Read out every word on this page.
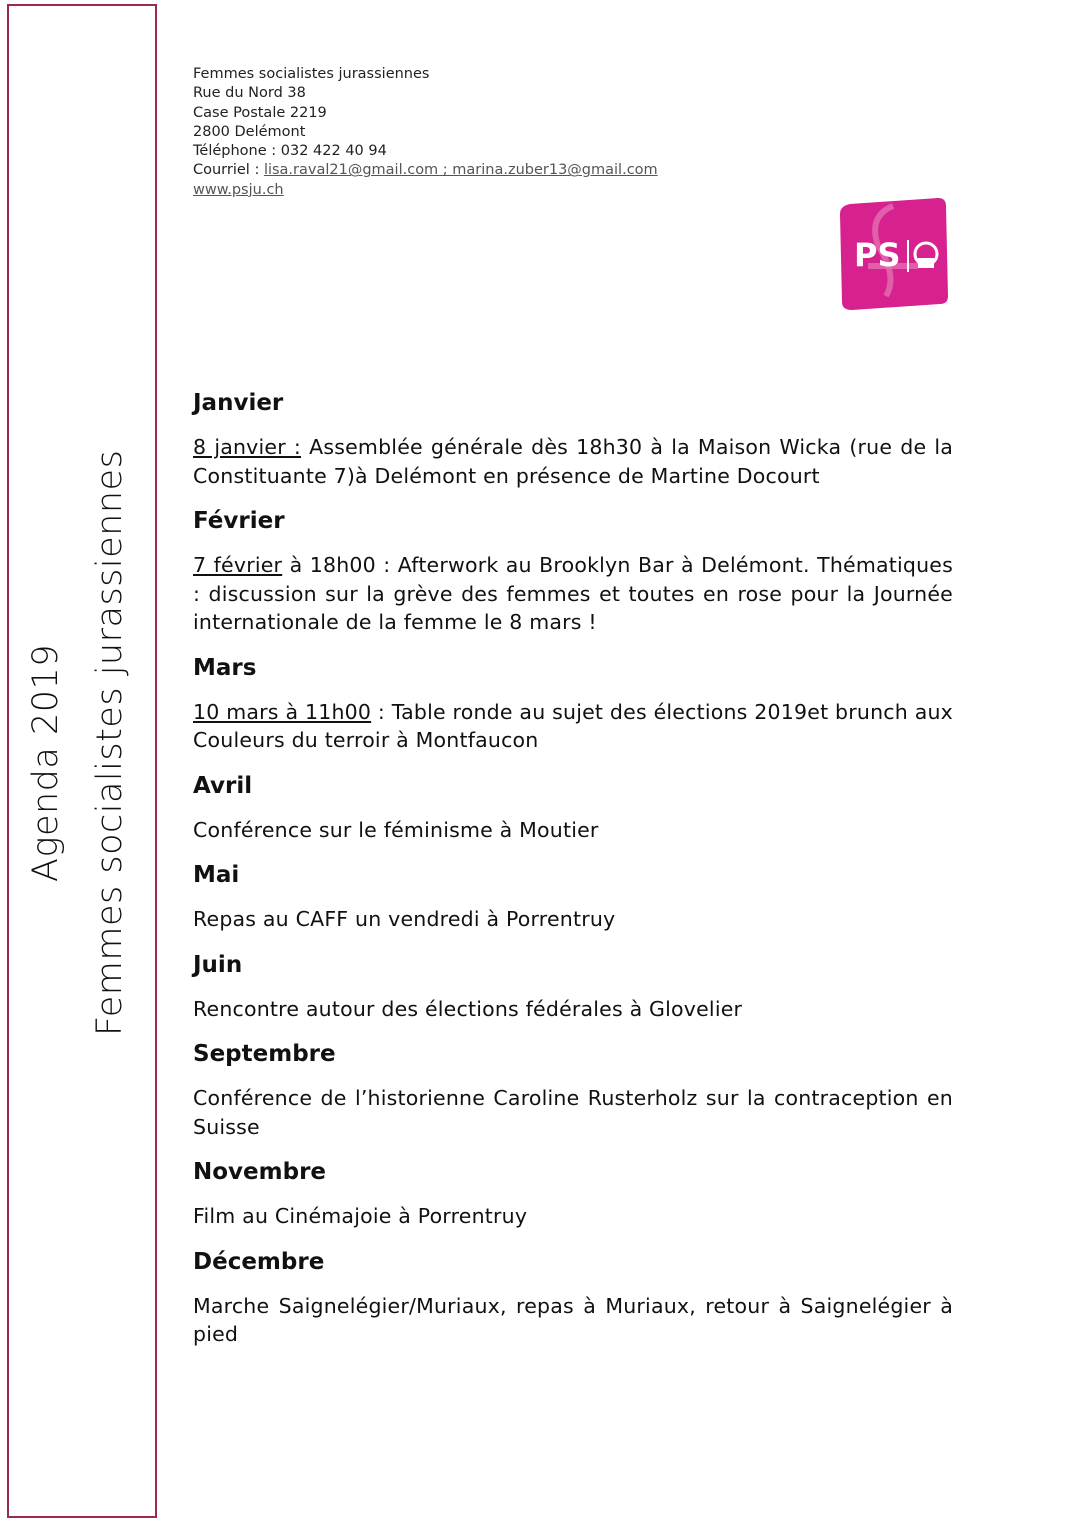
Agenda 2019 Femmes socialistes jurassiennes
Femmes socialistes jurassiennes
Rue du Nord 38
Case Postale 2219
2800 Delémont
Téléphone : 032 422 40 94
Courriel : lisa.raval21@gmail.com ; marina.zuber13@gmail.com
www.psju.ch
PS
Janvier
8 janvier : Assemblée générale dès 18h30 à la Maison Wicka (rue de la Constituante 7)à Delémont en présence de Martine Docourt
Février
7 février à 18h00 : Afterwork au Brooklyn Bar à Delémont. Thématiques : discussion sur la grève des femmes et toutes en rose pour la Journée internationale de la femme le 8 mars !
Mars
10 mars à 11h00 : Table ronde au sujet des élections 2019et brunch aux Couleurs du terroir à Montfaucon
Avril
Conférence sur le féminisme à Moutier
Mai
Repas au CAFF un vendredi à Porrentruy
Juin
Rencontre autour des élections fédérales à Glovelier
Septembre
Conférence de l’historienne Caroline Rusterholz sur la contraception en Suisse
Novembre
Film au Cinémajoie à Porrentruy
Décembre
Marche Saignelégier/Muriaux, repas à Muriaux, retour à Saignelégier à pied
